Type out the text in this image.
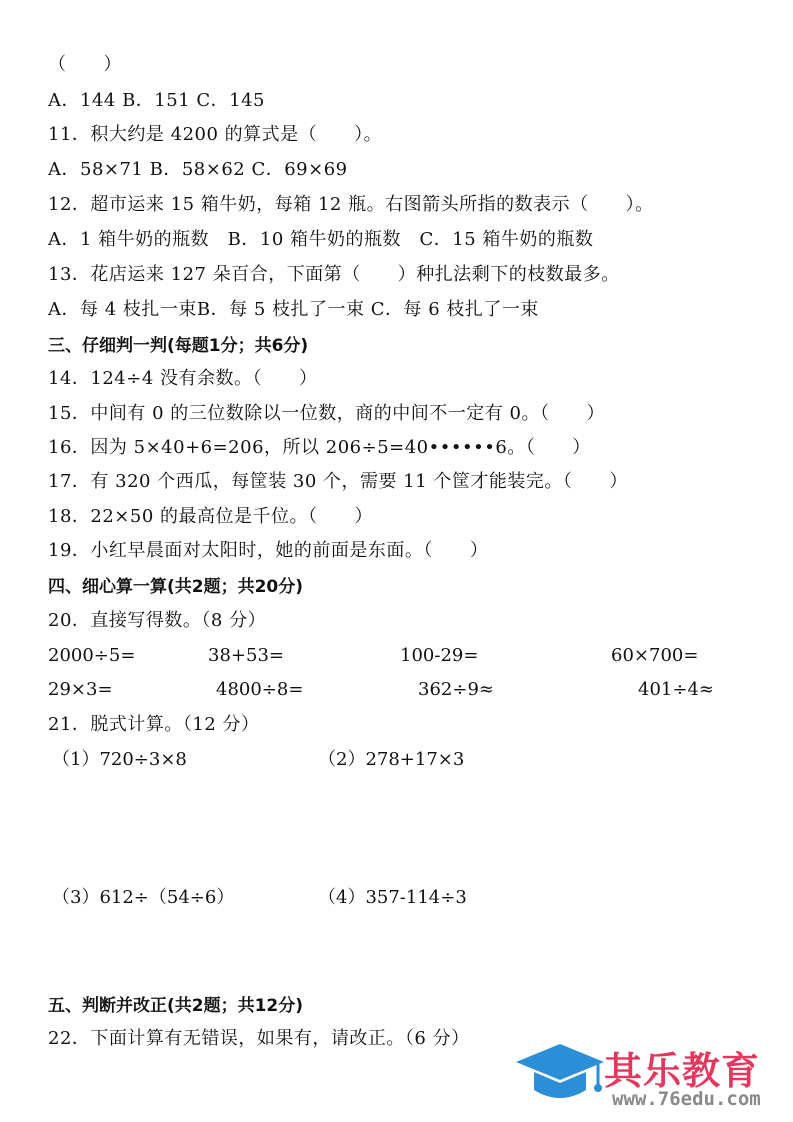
（　　）
A．144 B．151 C．145
11．积大约是 4200 的算式是（　　）。
A．58×71 B．58×62 C．69×69
12．超市运来 15 箱牛奶，每箱 12 瓶。右图箭头所指的数表示（　　）。
A．1 箱牛奶的瓶数　B．10 箱牛奶的瓶数　C．15 箱牛奶的瓶数
13．花店运来 127 朵百合，下面第（　　）种扎法剩下的枝数最多。
A．每 4 枝扎一束B．每 5 枝扎了一束 C．每 6 枝扎了一束
三、仔细判一判(每题1分；共6分)
14．124÷4 没有余数。（　　）
15．中间有 0 的三位数除以一位数，商的中间不一定有 0。（　　）
16．因为 5×40+6=206，所以 206÷5=40••••••6。（　　）
17．有 320 个西瓜，每筐装 30 个，需要 11 个筐才能装完。（　　）
18．22×50 的最高位是千位。（　　）
19．小红早晨面对太阳时，她的前面是东面。（　　）
四、细心算一算(共2题；共20分)
20．直接写得数。（8 分）
2000÷5=	38+53=	100-29=	60×700=
29×3=	4800÷8=	362÷9≈	401÷4≈
21．脱式计算。（12 分）
（1）720÷3×8	（2）278+17×3
（3）612÷（54÷6）	（4）357-114÷3
五、判断并改正(共2题；共12分)
22．下面计算有无错误，如果有，请改正。（6 分）
其乐教育
www.76edu.com
